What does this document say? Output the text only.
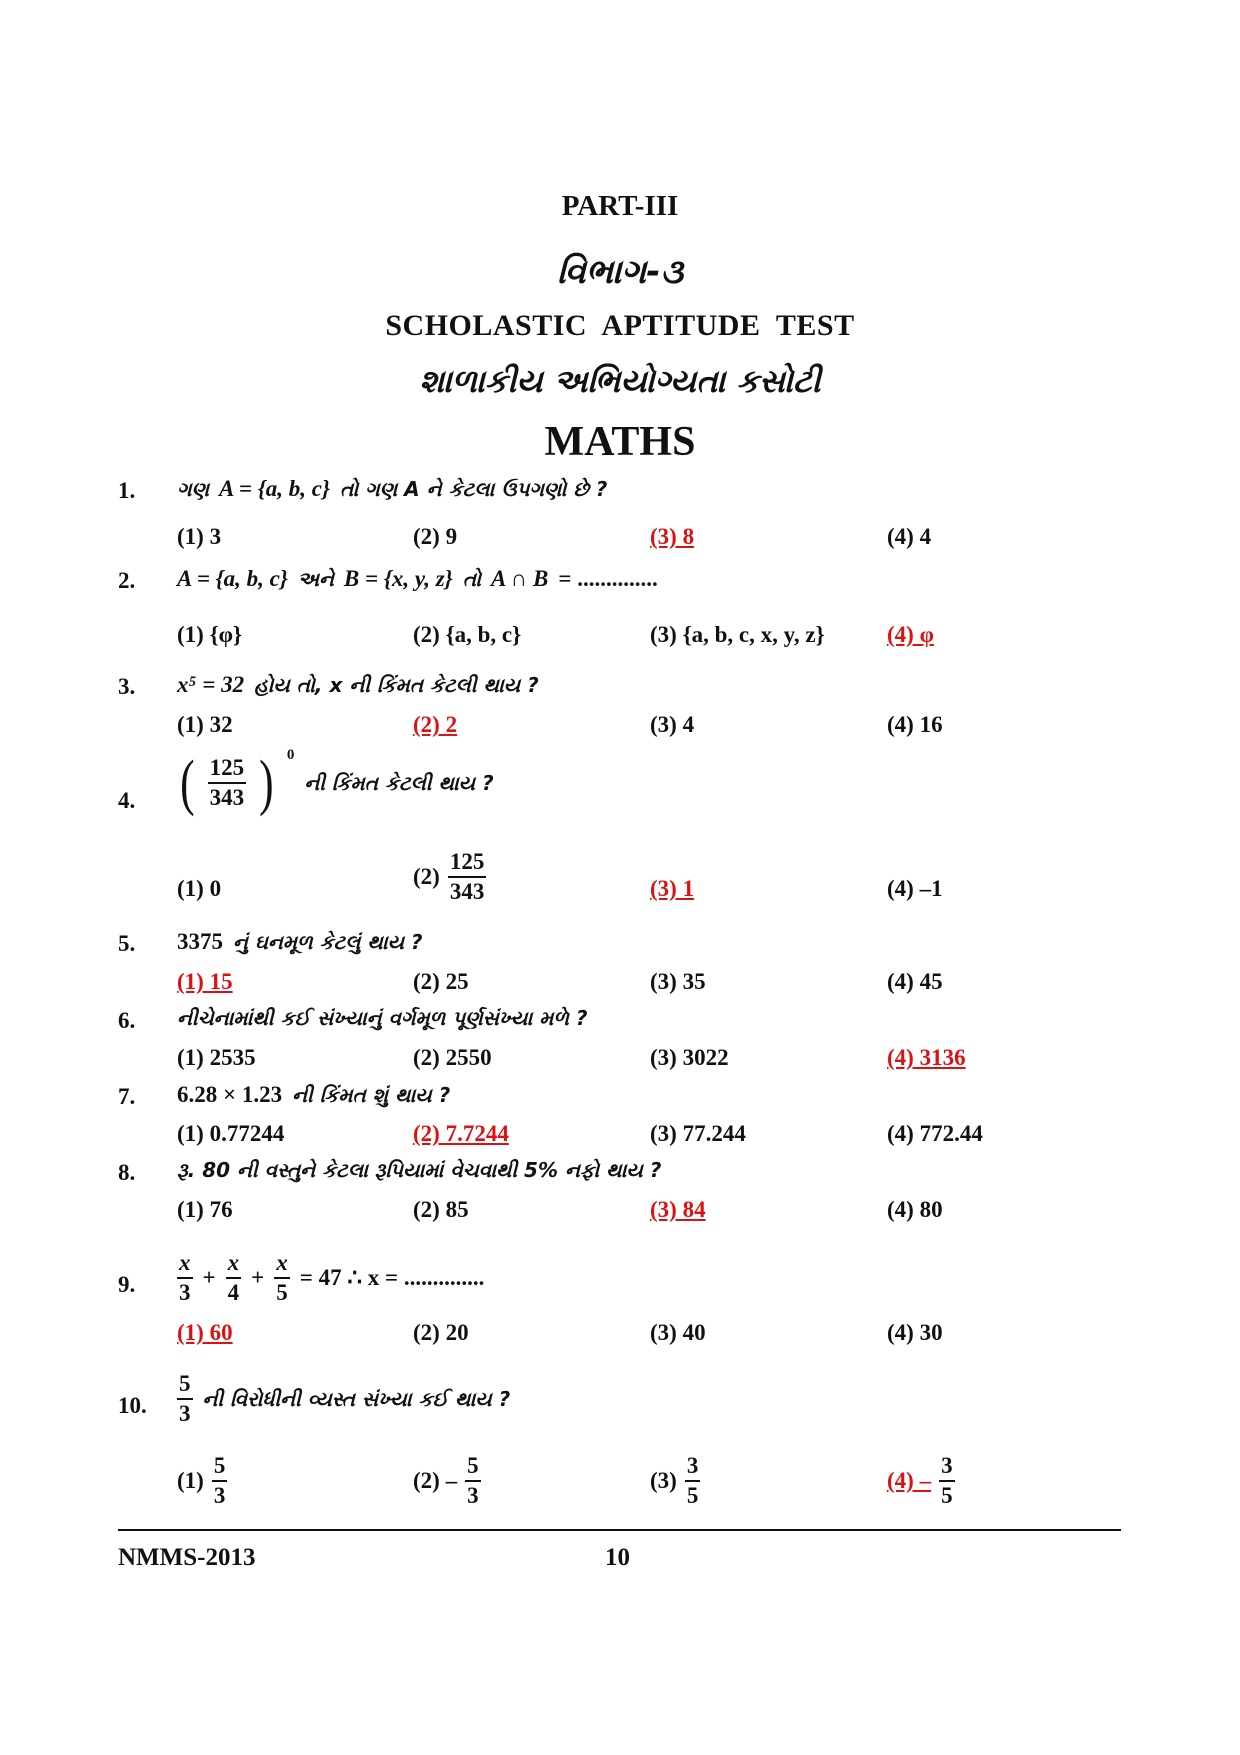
PART-III
વિભાગ-૩
SCHOLASTIC APTITUDE TEST
શાળાકીય અભિયોગ્યતા કસોટી
MATHS
1. ગણ A = {a, b, c} તો ગણ A ને કેટલા ઉપગણો છે ?
(1) 3	(2) 9	(3) 8	(4) 4
2. A = {a, b, c} અને B = {x, y, z} તો A ∩ B = ..............
(1) {φ}	(2) {a, b, c}	(3) {a, b, c, x, y, z}	(4) φ
3. x⁵ = 32 હોય તો, x ની કિંમત કેટલી થાય ?
(1) 32	(2) 2	(3) 4	(4) 16
4. ( $\frac{125}{343}$ ) 0
ની કિંમત કેટલી થાય ?
(1) 0	$(2) \frac{125}{343}$	(3) 1	(4) –1
5. 3375 નું ઘનમૂળ કેટલું થાય ?
(1) 15	(2) 25	(3) 35	(4) 45
6. નીચેનામાંથી કઈ સંખ્યાનું વર્ગમૂળ પૂર્ણસંખ્યા મળે ?
(1) 2535	(2) 2550	(3) 3022	(4) 3136
7. 6.28 × 1.23 ની કિંમત શું થાય ?
(1) 0.77244	(2) 7.7244	(3) 77.244	(4) 772.44
8. રૂ. 80 ની વસ્તુને કેટલા રૂપિયામાં વેચવાથી 5% નફો થાય ?
(1) 76	(2) 85	(3) 84	(4) 80
9. $\frac{x}{3} + \frac{x}{4} + \frac{x}{5} = 47$ ∴ x = ..............
(1) 60	(2) 20	(3) 40	(4) 30
10. $\frac{5}{3}$ ની વિરોધીની વ્યસ્ત સંખ્યા કઈ થાય ?
$(1) \frac{5}{3}$	$(2) - \frac{5}{3}$	$(3) \frac{3}{5}$	$(4) - \frac{3}{5}$
NMMS-2013	10
